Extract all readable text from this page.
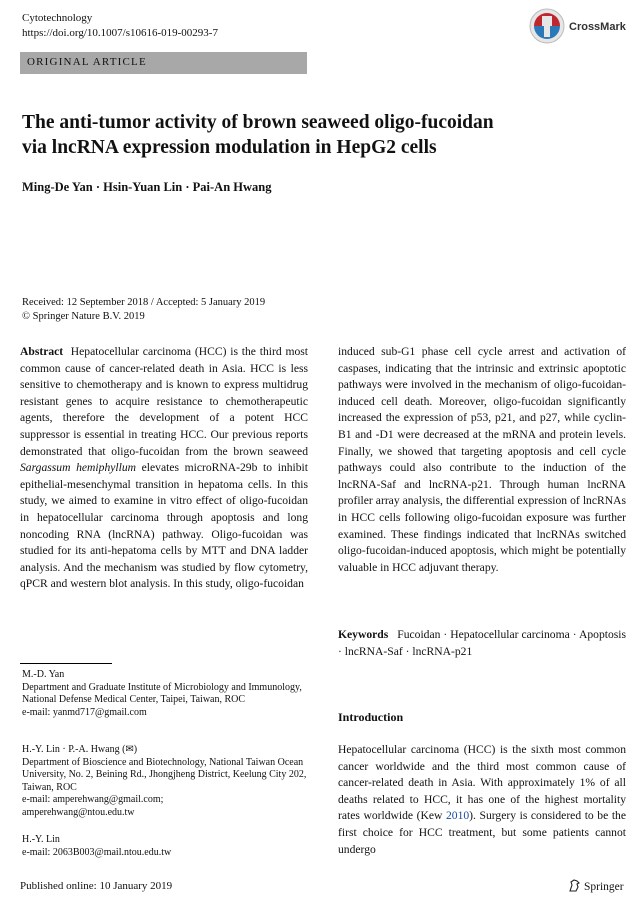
Cytotechnology
https://doi.org/10.1007/s10616-019-00293-7	CrossMark
ORIGINAL ARTICLE
The anti-tumor activity of brown seaweed oligo-fucoidan
via lncRNA expression modulation in HepG2 cells
Ming-De Yan · Hsin-Yuan Lin · Pai-An Hwang
Received: 12 September 2018 / Accepted: 5 January 2019
© Springer Nature B.V. 2019
Abstract Hepatocellular carcinoma (HCC) is the third most common cause of cancer-related death in Asia. HCC is less sensitive to chemotherapy and is known to express multidrug resistant genes to acquire resistance to chemotherapeutic agents, therefore the development of a potent HCC suppressor is essential in treating HCC. Our previous reports demonstrated that oligo-fucoidan from the brown seaweed Sargassum hemiphyllum elevates microRNA-29b to inhibit epithelial-mesenchymal transition in hepatoma cells. In this study, we aimed to examine in vitro effect of oligo-fucoidan in hepatocellular carcinoma through apoptosis and long noncoding RNA (lncRNA) pathway. Oligo-fucoidan was studied for its anti-hepatoma cells by MTT and DNA ladder analysis. And the mechanism was studied by flow cytometry, qPCR and western blot analysis. In this study, oligo-fucoidan
induced sub-G1 phase cell cycle arrest and activation of caspases, indicating that the intrinsic and extrinsic apoptotic pathways were involved in the mechanism of oligo-fucoidan-induced cell death. Moreover, oligo-fucoidan significantly increased the expression of p53, p21, and p27, while cyclin-B1 and -D1 were decreased at the mRNA and protein levels. Finally, we showed that targeting apoptosis and cell cycle pathways could also contribute to the induction of the lncRNA-Saf and lncRNA-p21. Through human lncRNA profiler array analysis, the differential expression of lncRNAs in HCC cells following oligo-fucoidan exposure was further examined. These findings indicated that lncRNAs switched oligo-fucoidan-induced apoptosis, which might be potentially valuable in HCC adjuvant therapy.
Keywords Fucoidan · Hepatocellular carcinoma · Apoptosis · lncRNA-Saf · lncRNA-p21
M.-D. Yan
Department and Graduate Institute of Microbiology and Immunology, National Defense Medical Center, Taipei, Taiwan, ROC
e-mail: yanmd717@gmail.com
H.-Y. Lin · P.-A. Hwang (✉)
Department of Bioscience and Biotechnology, National Taiwan Ocean University, No. 2, Beining Rd., Jhongjheng District, Keelung City 202, Taiwan, ROC
e-mail: amperehwang@gmail.com;
amperehwang@ntou.edu.tw
H.-Y. Lin
e-mail: 2063B003@mail.ntou.edu.tw
Introduction
Hepatocellular carcinoma (HCC) is the sixth most common cancer worldwide and the third most common cause of cancer-related death in Asia. With approximately 1% of all deaths related to HCC, it has one of the highest mortality rates worldwide (Kew 2010). Surgery is considered to be the first choice for HCC treatment, but some patients cannot undergo
Published online: 10 January 2019	Springer
